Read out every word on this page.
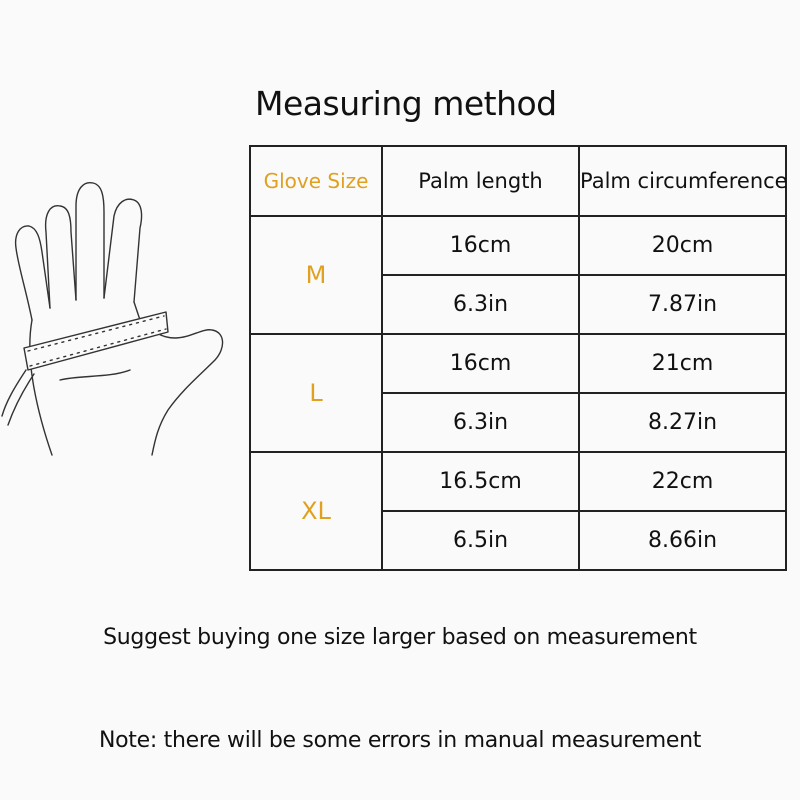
Measuring method
Glove Size	Palm length	Palm circumference
M	16cm	20cm
	6.3in	7.87in
L	16cm	21cm
	6.3in	8.27in
XL	16.5cm	22cm
	6.5in	8.66in
Suggest buying one size larger based on measurement
Note: there will be some errors in manual measurement
